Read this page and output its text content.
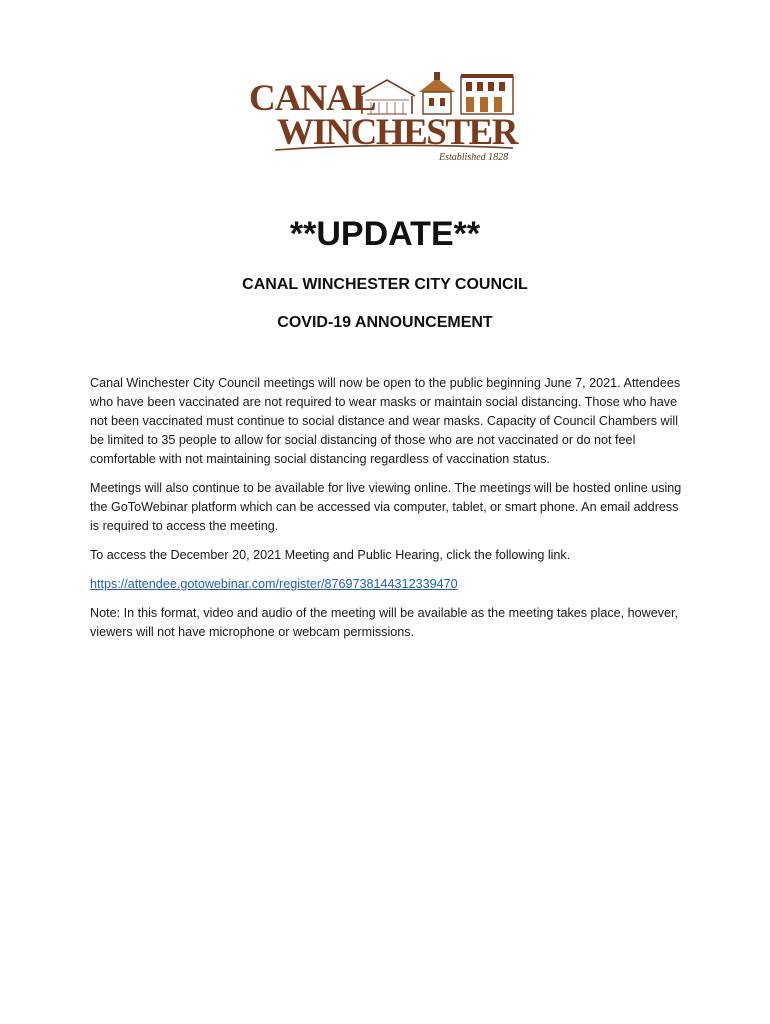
CANAL
WINCHESTER
Established 1828
**UPDATE**
CANAL WINCHESTER CITY COUNCIL
COVID-19 ANNOUNCEMENT

Canal Winchester City Council meetings will now be open to the public beginning June 7, 2021. Attendees who have been vaccinated are not required to wear masks or maintain social distancing. Those who have not been vaccinated must continue to social distance and wear masks. Capacity of Council Chambers will be limited to 35 people to allow for social distancing of those who are not vaccinated or do not feel comfortable with not maintaining social distancing regardless of vaccination status.

Meetings will also continue to be available for live viewing online. The meetings will be hosted online using the GoToWebinar platform which can be accessed via computer, tablet, or smart phone. An email address is required to access the meeting.

To access the December 20, 2021 Meeting and Public Hearing, click the following link.

https://attendee.gotowebinar.com/register/8769738144312339470

Note: In this format, video and audio of the meeting will be available as the meeting takes place, however, viewers will not have microphone or webcam permissions.
